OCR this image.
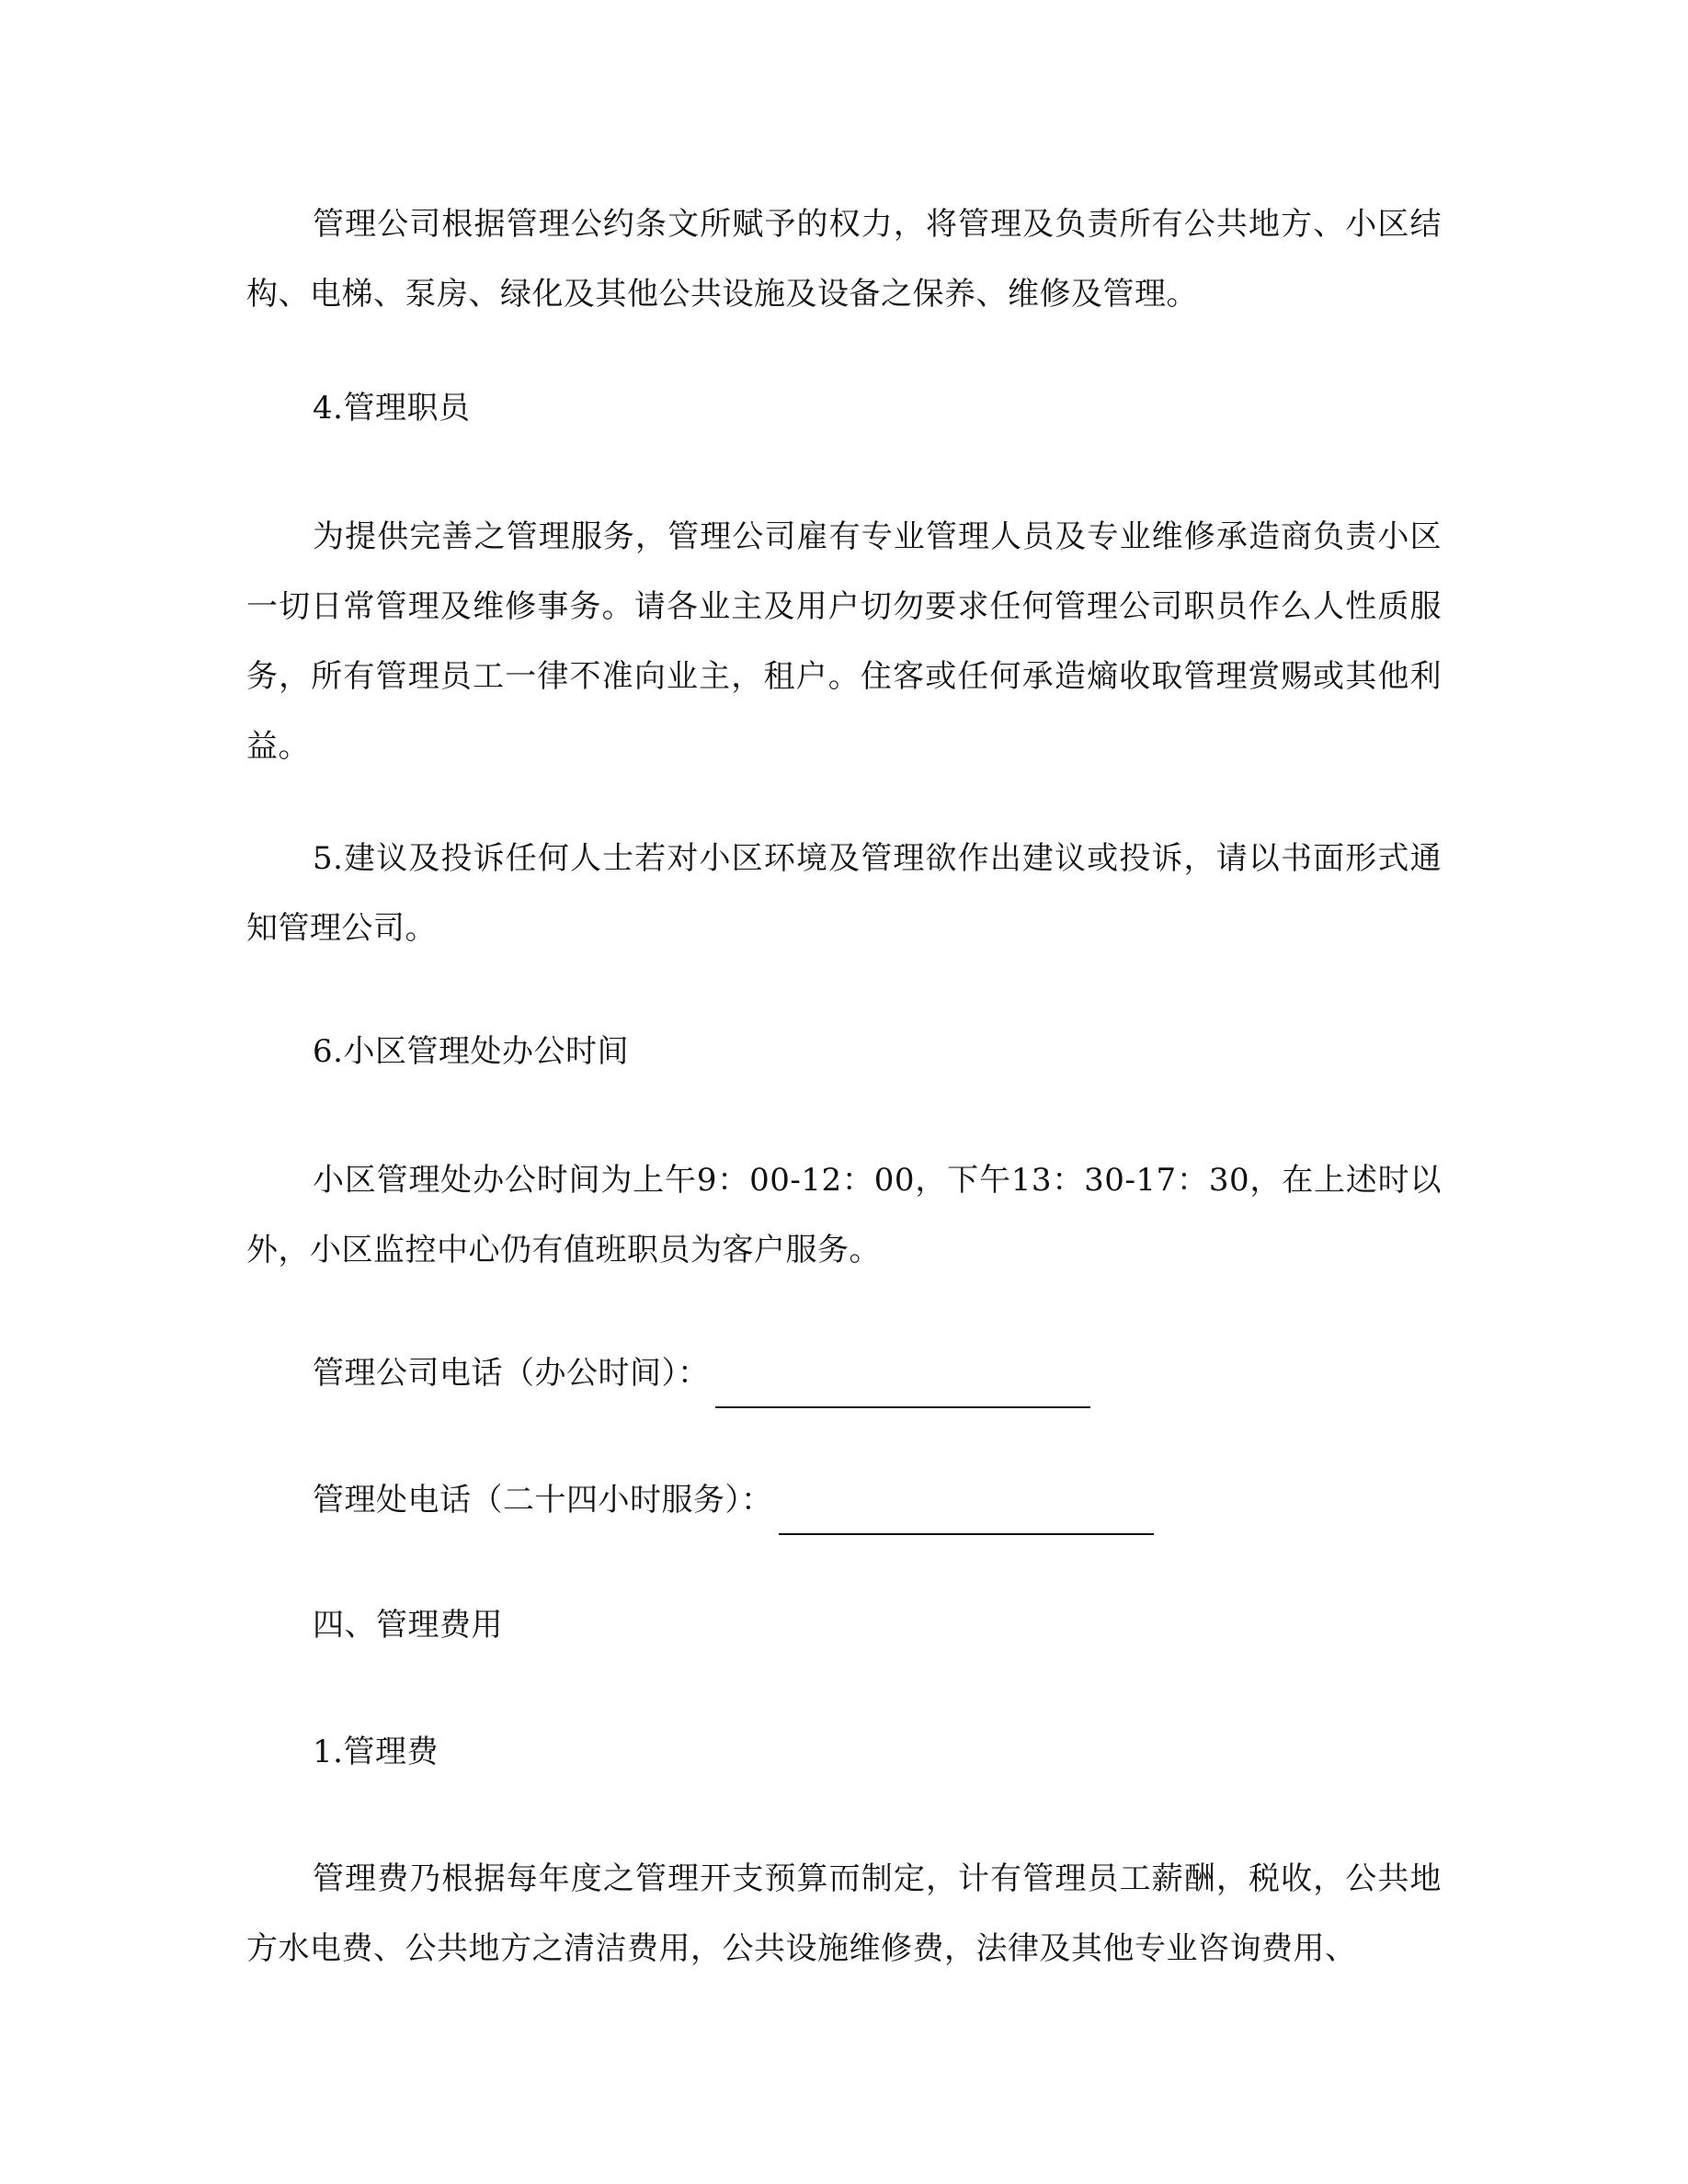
管理公司根据管理公约条文所赋予的权力，将管理及负责所有公共地方、小区结构、电梯、泵房、绿化及其他公共设施及设备之保养、维修及管理。

4.管理职员

为提供完善之管理服务，管理公司雇有专业管理人员及专业维修承造商负责小区一切日常管理及维修事务。请各业主及用户切勿要求任何管理公司职员作么人性质服务，所有管理员工一律不准向业主，租户。住客或任何承造熵收取管理赏赐或其他利益。

5.建议及投诉任何人士若对小区环境及管理欲作出建议或投诉，请以书面形式通知管理公司。

6.小区管理处办公时间

小区管理处办公时间为上午9：00-12：00，下午13：30-17：30，在上述时以外，小区监控中心仍有值班职员为客户服务。

管理公司电话（办公时间）：
管理处电话（二十四小时服务）：

四、管理费用

1.管理费

管理费乃根据每年度之管理开支预算而制定，计有管理员工薪酬，税收，公共地方水电费、公共地方之清洁费用，公共设施维修费，法律及其他专业咨询费用、
